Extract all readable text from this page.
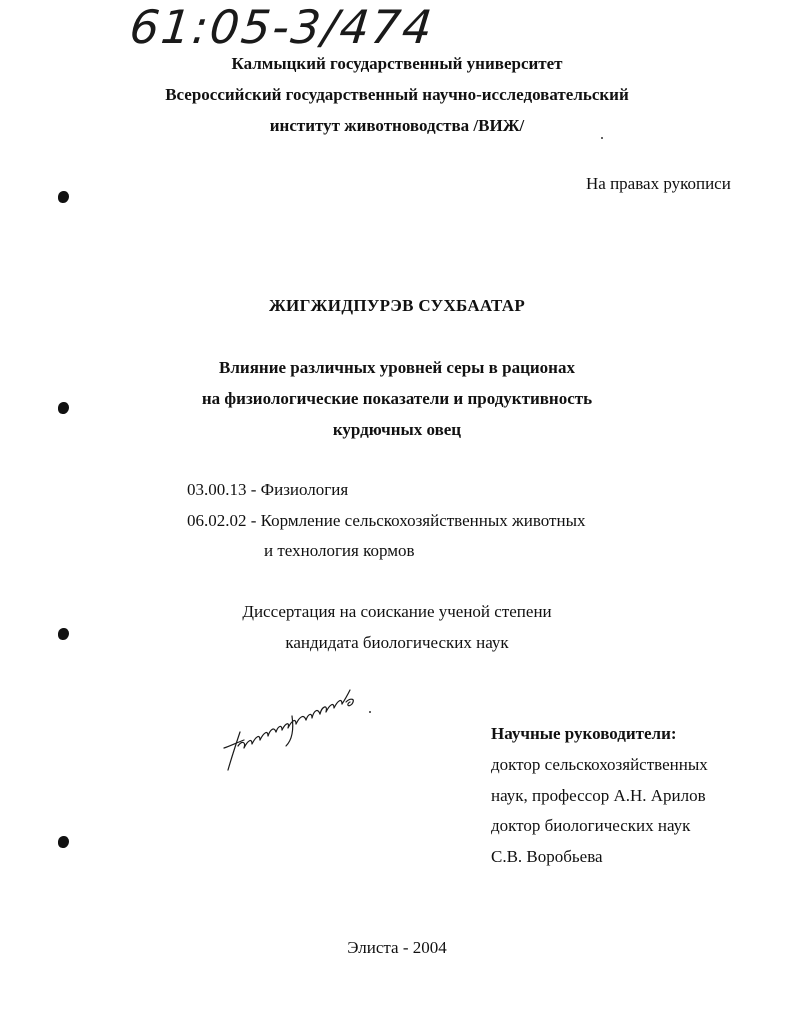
61:05-3/474
Калмыцкий государственный университет
Всероссийский государственный научно-исследовательский
институт животноводства /ВИЖ/
На правах рукописи
ЖИГЖИДПУРЭВ СУХБААТАР
Влияние различных уровней серы в рационах
на физиологические показатели и продуктивность
курдючных овец
03.00.13 - Физиология
06.02.02 - Кормление сельскохозяйственных животных
и технология кормов
Диссертация на соискание ученой степени
кандидата биологических наук
Научные руководители:
доктор сельскохозяйственных
наук, профессор А.Н. Арилов
доктор биологических наук
С.В. Воробьева
Элиста - 2004
